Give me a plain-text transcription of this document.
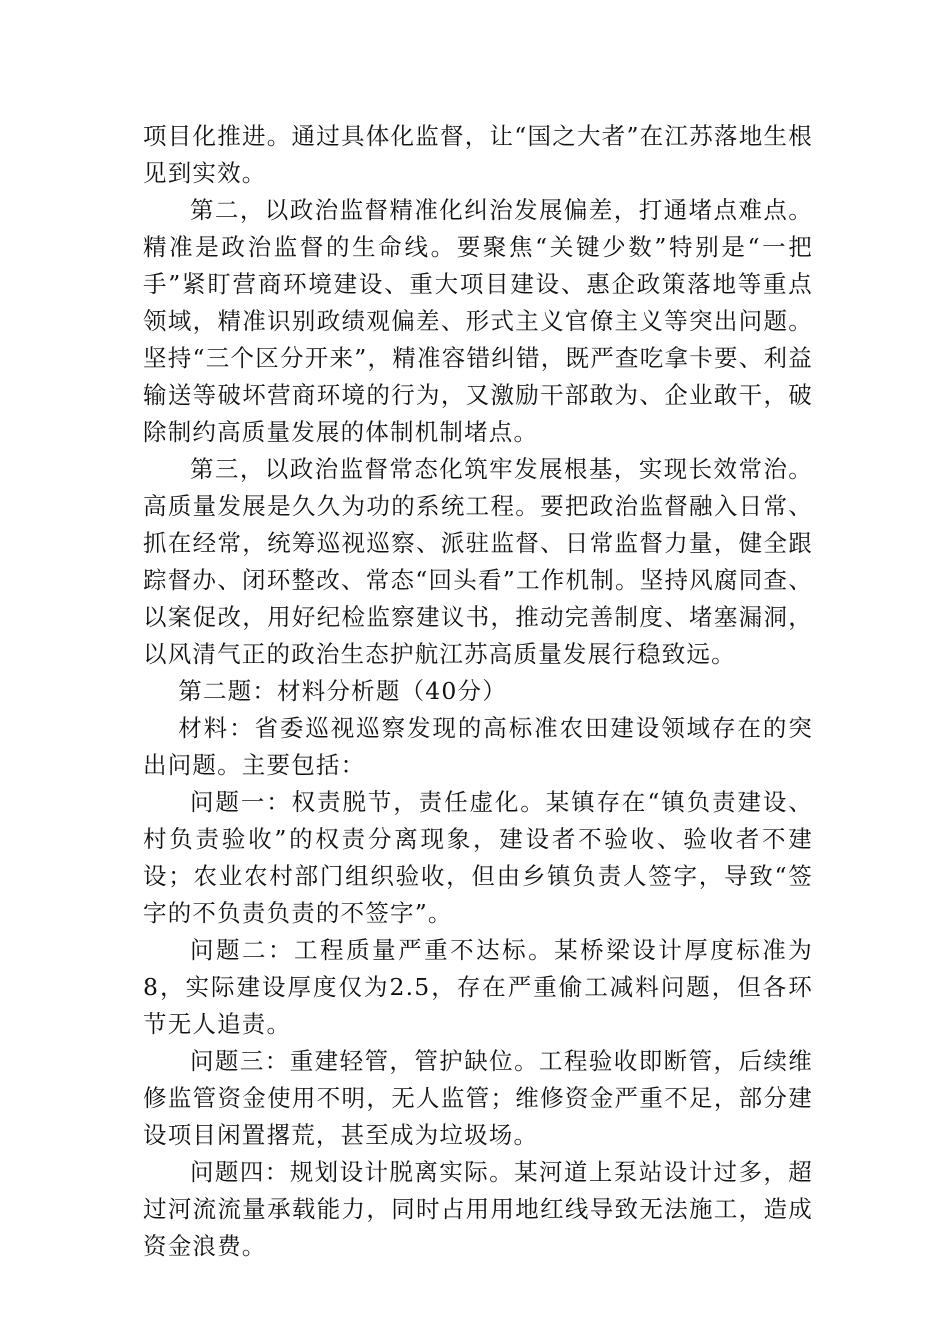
项目化推进。通过具体化监督，让“国之大者”在江苏落地生根见到实效。

第二，以政治监督精准化纠治发展偏差，打通堵点难点。精准是政治监督的生命线。要聚焦“关键少数”特别是“一把手”紧盯营商环境建设、重大项目建设、惠企政策落地等重点领域，精准识别政绩观偏差、形式主义官僚主义等突出问题。坚持“三个区分开来”，精准容错纠错，既严查吃拿卡要、利益输送等破坏营商环境的行为，又激励干部敢为、企业敢干，破除制约高质量发展的体制机制堵点。

第三，以政治监督常态化筑牢发展根基，实现长效常治。高质量发展是久久为功的系统工程。要把政治监督融入日常、抓在经常，统筹巡视巡察、派驻监督、日常监督力量，健全跟踪督办、闭环整改、常态“回头看”工作机制。坚持风腐同查、以案促改，用好纪检监察建议书，推动完善制度、堵塞漏洞，以风清气正的政治生态护航江苏高质量发展行稳致远。

第二题：材料分析题（40分）

材料：省委巡视巡察发现的高标准农田建设领域存在的突出问题。主要包括：

问题一：权责脱节，责任虚化。某镇存在“镇负责建设、村负责验收”的权责分离现象，建设者不验收、验收者不建设；农业农村部门组织验收，但由乡镇负责人签字，导致“签字的不负责负责的不签字”。

问题二：工程质量严重不达标。某桥梁设计厚度标准为8，实际建设厚度仅为2.5，存在严重偷工减料问题，但各环节无人追责。

问题三：重建轻管，管护缺位。工程验收即断管，后续维修监管资金使用不明，无人监管；维修资金严重不足，部分建设项目闲置撂荒，甚至成为垃圾场。

问题四：规划设计脱离实际。某河道上泵站设计过多，超过河流流量承载能力，同时占用用地红线导致无法施工，造成资金浪费。
